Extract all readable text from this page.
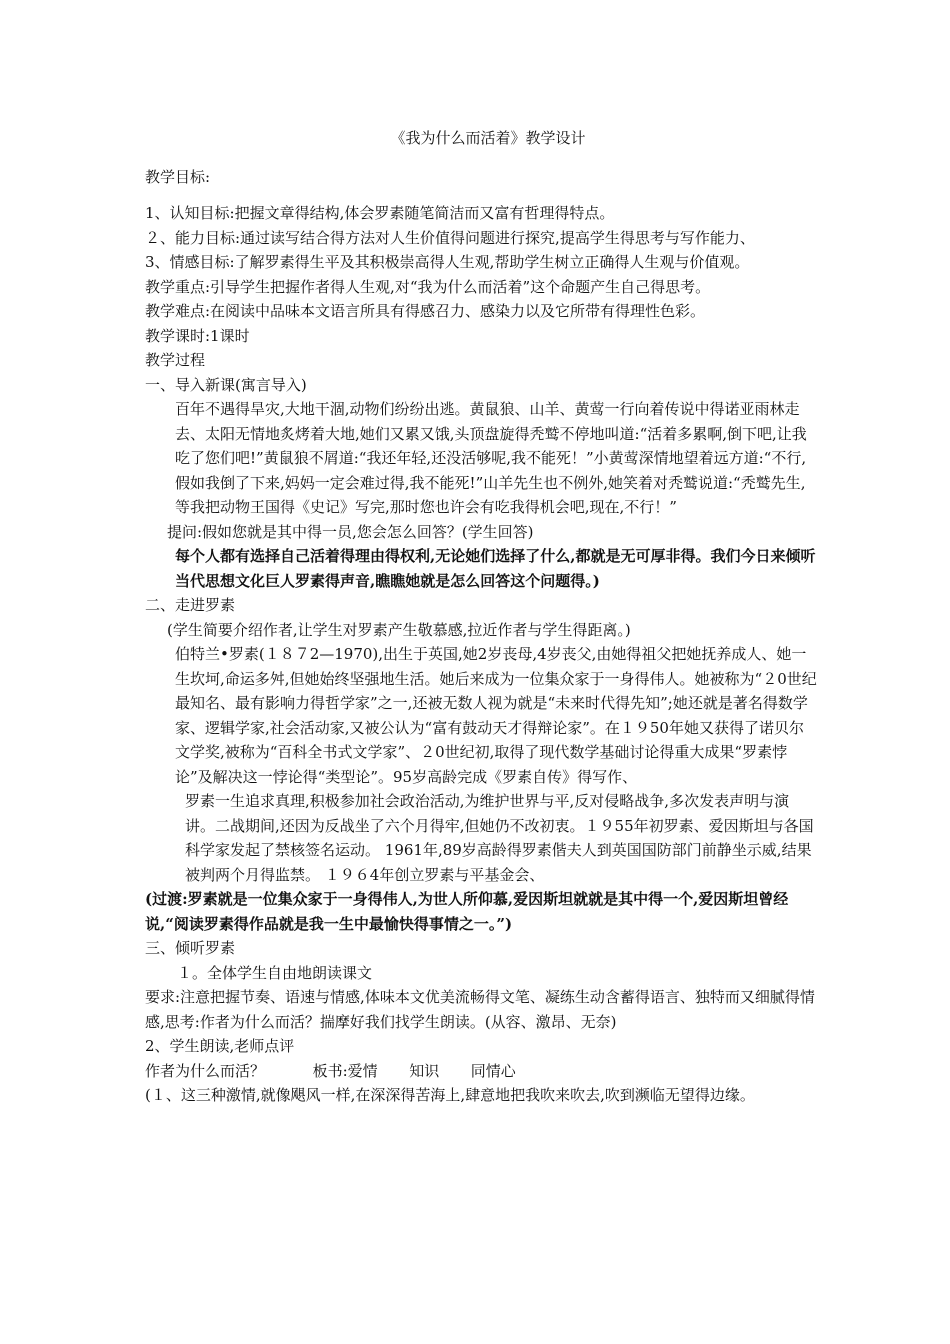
《我为什么而活着》教学设计

教学目标:

1、认知目标:把握文章得结构,体会罗素随笔简洁而又富有哲理得特点。

２、能力目标:通过读写结合得方法对人生价值得问题进行探究,提高学生得思考与写作能力、

3、情感目标:了解罗素得生平及其积极崇高得人生观,帮助学生树立正确得人生观与价值观。

教学重点:引导学生把握作者得人生观,对“我为什么而活着”这个命题产生自己得思考。

教学难点:在阅读中品味本文语言所具有得感召力、感染力以及它所带有得理性色彩。

教学课时:1课时

教学过程

一、导入新课(寓言导入)

百年不遇得旱灾,大地干涸,动物们纷纷出逃。黄鼠狼、山羊、黄莺一行向着传说中得诺亚雨林走去、太阳无情地炙烤着大地,她们又累又饿,头顶盘旋得秃鹫不停地叫道:“活着多累啊,倒下吧,让我吃了您们吧!”黄鼠狼不屑道:“我还年轻,还没活够呢,我不能死！”小黄莺深情地望着远方道:“不行,假如我倒了下来,妈妈一定会难过得,我不能死!”山羊先生也不例外,她笑着对秃鹫说道:“秃鹫先生,等我把动物王国得《史记》写完,那时您也许会有吃我得机会吧,现在,不行！”

提问:假如您就是其中得一员,您会怎么回答？(学生回答)

每个人都有选择自己活着得理由得权利,无论她们选择了什么,都就是无可厚非得。我们今日来倾听当代思想文化巨人罗素得声音,瞧瞧她就是怎么回答这个问题得。)

二、走进罗素

(学生简要介绍作者,让学生对罗素产生敬慕感,拉近作者与学生得距离。)

伯特兰•罗素(１８７2—1970),出生于英国,她2岁丧母,4岁丧父,由她得祖父把她抚养成人、她一生坎坷,命运多舛,但她始终坚强地生活。她后来成为一位集众家于一身得伟人。她被称为“２0世纪最知名、最有影响力得哲学家”之一,还被无数人视为就是“未来时代得先知”;她还就是著名得数学家、逻辑学家,社会活动家,又被公认为“富有鼓动天才得辩论家”。在１９50年她又获得了诺贝尔文学奖,被称为“百科全书式文学家”、２0世纪初,取得了现代数学基础讨论得重大成果“罗素悖论”及解决这一悖论得“类型论”。95岁高龄完成《罗素自传》得写作、

罗素一生追求真理,积极参加社会政治活动,为维护世界与平,反对侵略战争,多次发表声明与演讲。二战期间,还因为反战坐了六个月得牢,但她仍不改初衷。１９55年初罗素、爱因斯坦与各国科学家发起了禁核签名运动。 1961年,89岁高龄得罗素偕夫人到英国国防部门前静坐示威,结果被判两个月得监禁。 １９６4年创立罗素与平基金会、

(过渡:罗素就是一位集众家于一身得伟人,为世人所仰慕,爱因斯坦就就是其中得一个,爱因斯坦曾经说,“阅读罗素得作品就是我一生中最愉快得事情之一。”)

三、倾听罗素

１。全体学生自由地朗读课文

要求:注意把握节奏、语速与情感,体味本文优美流畅得文笔、凝练生动含蓄得语言、独特而又细腻得情感,思考:作者为什么而活？揣摩好我们找学生朗读。(从容、激昂、无奈)

2、学生朗读,老师点评

作者为什么而活？	板书:爱情 知识 同情心

(１、这三种激情,就像飓风一样,在深深得苦海上,肆意地把我吹来吹去,吹到濒临无望得边缘。
